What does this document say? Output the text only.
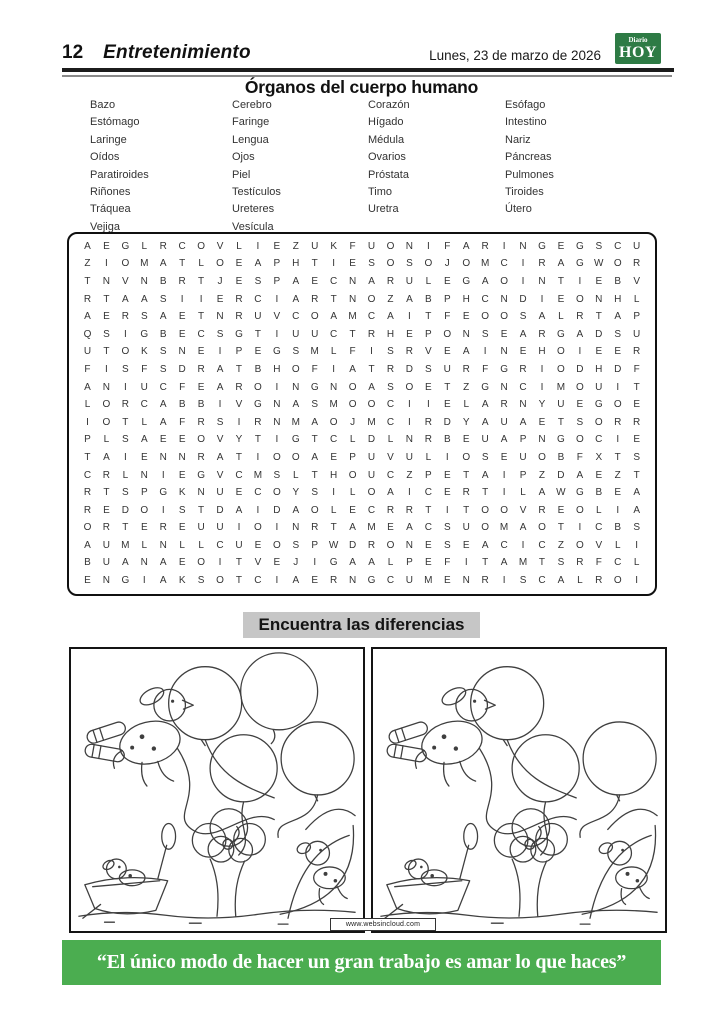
12 Entretenimiento	Lunes, 23 de marzo de 2026
Diario
HOY
Órganos del cuerpo humano
Bazo
Estómago
Laringe
Oídos
Paratiroides
Riñones
Tráquea
Vejiga
Cerebro
Faringe
Lengua
Ojos
Piel
Testículos
Ureteres
Vesícula
Corazón
Hígado
Médula
Ovarios
Próstata
Timo
Uretra
Esófago
Intestino
Nariz
Páncreas
Pulmones
Tiroides
Útero
A	E	G	L	R	C	O	V	L	I	E	Z	U	K	F	U	O	N	I	F	A	R	I	N	G	E	G	S	C	U
Z	I	O	M	A	T	L	O	E	A	P	H	T	I	E	S	O	S	O	J	O	M	C	I	R	A	G	W	O	R
T	N	V	N	B	R	T	J	E	S	P	A	E	C	N	A	R	U	L	E	G	A	O	I	N	T	I	E	B	V
R	T	A	A	S	I	I	E	R	C	I	A	R	T	N	O	Z	A	B	P	H	C	N	D	I	E	O	N	H	L
A	E	R	S	A	E	T	N	R	U	V	C	O	A	M	C	A	I	T	F	E	O	O	S	A	L	R	T	A	P
Q	S	I	G	B	E	C	S	G	T	I	U	U	C	T	R	H	E	P	O	N	S	E	A	R	G	A	D	S	U
U	T	O	K	S	N	E	I	P	E	G	S	M	L	F	I	S	R	V	E	A	I	N	E	H	O	I	E	E	R
F	I	S	F	S	D	R	A	T	B	H	O	F	I	A	T	R	D	S	U	R	F	G	R	I	O	D	H	D	F
A	N	I	U	C	F	E	A	R	O	I	N	G	N	O	A	S	O	E	T	Z	G	N	C	I	M	O	U	I	T
L	O	R	C	A	B	B	I	V	G	N	A	S	M	O	O	C	I	I	E	L	A	R	N	Y	U	E	G	O	E
I	O	T	L	A	F	R	S	I	R	N	M	A	O	J	M	C	I	R	D	Y	A	U	A	E	T	S	O	R	R
P	L	S	A	E	E	O	V	Y	T	I	G	T	C	L	D	L	N	R	B	E	U	A	P	N	G	O	C	I	E
T	A	I	E	N	N	R	A	T	I	O	O	A	E	P	U	V	U	L	I	O	S	E	U	O	B	F	X	T	S
C	R	L	N	I	E	G	V	C	M	S	L	T	H	O	U	C	Z	P	E	T	A	I	P	Z	D	A	E	Z	T
R	T	S	P	G	K	N	U	E	C	O	Y	S	I	L	O	A	I	C	E	R	T	I	L	A	W	G	B	E	A
R	E	D	O	I	S	T	D	A	I	D	A	O	L	E	C	R	R	T	I	T	O	O	V	R	E	O	L	I	A
O	R	T	E	R	E	U	U	I	O	I	N	R	T	A	M	E	A	C	S	U	O	M	A	O	T	I	C	B	S
A	U	M	L	N	L	L	C	U	E	O	S	P	W	D	R	O	N	E	S	E	A	C	I	C	Z	O	V	L	I
B	U	A	N	A	E	O	I	T	V	E	J	I	G	A	A	L	P	E	F	I	T	A	M	T	S	R	F	C	L
E	N	G	I	A	K	S	O	T	C	I	A	E	R	N	G	C	U	M	E	N	R	I	S	C	A	L	R	O	I
Encuentra las diferencias
www.websincloud.com
“El único modo de hacer un gran trabajo es amar lo que haces”
